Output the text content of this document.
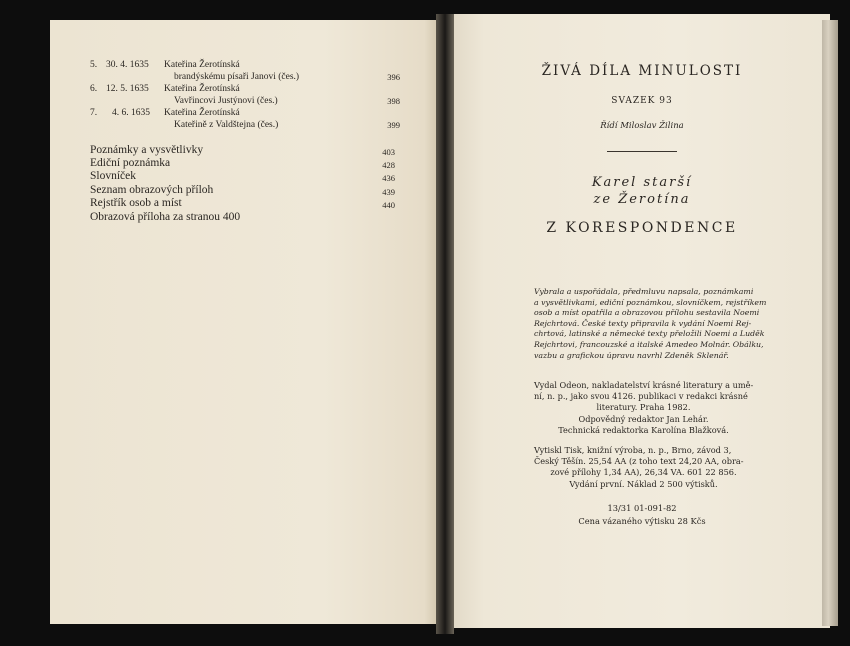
5. 30. 4. 1635 Kateřina Žerotínská
brandýskému písaři Janovi (čes.)	396
6. 12. 5. 1635 Kateřina Žerotínská
Vavřincovi Justýnovi (čes.)	398
7. 4. 6. 1635 Kateřina Žerotínská
Kateřině z Valdštejna (čes.)	399
Poznámky a vysvětlivky	403
Ediční poznámka	428
Slovníček	436
Seznam obrazových příloh	439
Rejstřík osob a míst	440
Obrazová příloha za stranou 400
ŽIVÁ DÍLA MINULOSTI
SVAZEK 93
Řídí Miloslav Žilina
Karel starší
ze Žerotína
Z KORESPONDENCE
Vybrala a uspořádala, předmluvu napsala, poznámkami
a vysvětlivkami, ediční poznámkou, slovníčkem, rejstříkem
osob a míst opatřila a obrazovou přílohu sestavila Noemi
Rejchrtová. České texty připravila k vydání Noemi Rej-
chrtová, latinské a německé texty přeložili Noemi a Luděk
Rejchrtovi, francouzské a italské Amedeo Molnár. Obálku,
vazbu a grafickou úpravu navrhl Zdeněk Sklenář.
Vydal Odeon, nakladatelství krásné literatury a umě-
ní, n. p., jako svou 4126. publikaci v redakci krásné
literatury. Praha 1982.
Odpovědný redaktor Jan Lehár.
Technická redaktorka Karolína Blažková.
Vytiskl Tisk, knižní výroba, n. p., Brno, závod 3,
Český Těšín. 25,54 AA (z toho text 24,20 AA, obra-
zové přílohy 1,34 AA), 26,34 VA. 601 22 856.
Vydání první. Náklad 2 500 výtisků.
13/31 01-091-82
Cena vázaného výtisku 28 Kčs
